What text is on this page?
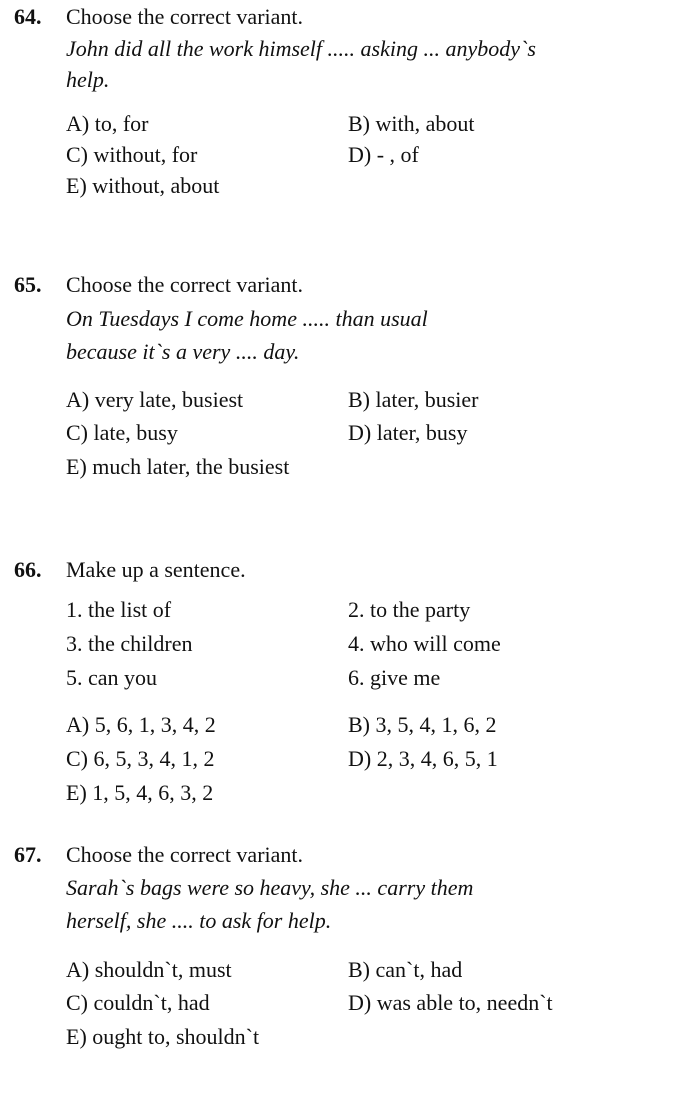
64. Choose the correct variant.
John did all the work himself ..... asking ... anybody`s
help.
A) to, for	B) with, about
C) without, for	D) - , of
E) without, about
65. Choose the correct variant.
On Tuesdays I come home ..... than usual
because it`s a very .... day.
A) very late, busiest	B) later, busier
C) late, busy	D) later, busy
E) much later, the busiest
66. Make up a sentence.
1. the list of	2. to the party
3. the children	4. who will come
5. can you	6. give me
A) 5, 6, 1, 3, 4, 2	B) 3, 5, 4, 1, 6, 2
C) 6, 5, 3, 4, 1, 2	D) 2, 3, 4, 6, 5, 1
E) 1, 5, 4, 6, 3, 2
67. Choose the correct variant.
Sarah`s bags were so heavy, she ... carry them
herself, she .... to ask for help.
A) shouldn`t, must	B) can`t, had
C) couldn`t, had	D) was able to, needn`t
E) ought to, shouldn`t
